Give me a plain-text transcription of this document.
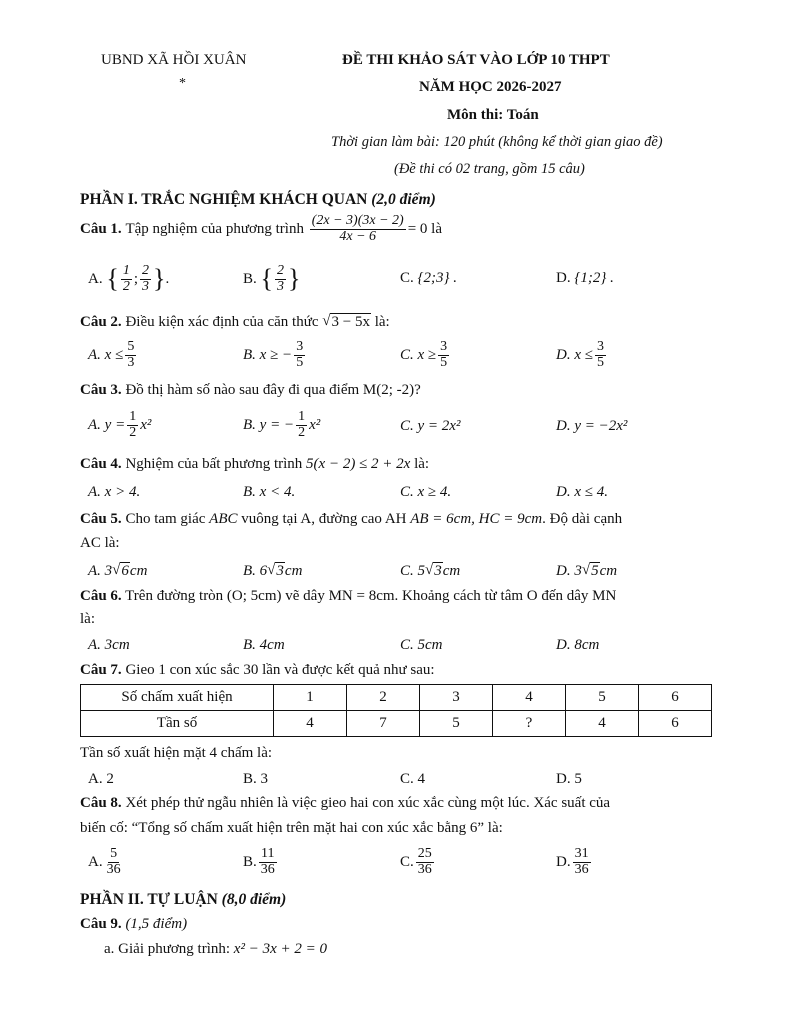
UBND XÃ HỒI XUÂN
*
ĐỀ THI KHẢO SÁT VÀO LỚP 10 THPT
NĂM HỌC 2026-2027
Môn thi: Toán
Thời gian làm bài: 120 phút (không kể thời gian giao đề)
(Đề thi có 02 trang, gồm 15 câu)
PHẦN I. TRẮC NGHIỆM KHÁCH QUAN (2,0 điểm)
Câu 1.
Tập nghiệm của phương trình
$\frac{(2x - 3)(3x - 2)}{4x - 6} = 0$
là
A.
{ $\frac{1}{2}$ ; $\frac{2}{3}$ } .	B.
{ $\frac{2}{3}$ }	C.
{2;3} .	D.
{1;2} .
Câu 2.
Điều kiện xác định của căn thức
√ 3 − 5x
là:
A. $x \le \frac{5}{3}$	B. x ≥ − $\frac{3}{5}$	C. $x \ge \frac{3}{5}$	D. $x \le \frac{3}{5}$
Câu 3. Đồ thị hàm số nào sau đây đi qua điểm M(2; -2)?
A. $y = \frac{1}{2} x^2$	B. y = − $\frac{1}{2} x^2$	C. y = 2x²	D. y = −2x²
Câu 4. Nghiệm của bất phương trình 5(x − 2) ≤ 2 + 2x là:
A. x > 4.	B. x < 4.	C. x ≥ 4.	D. x ≤ 4.
Câu 5. Cho tam giác ABC vuông tại A, đường cao AH AB = 6cm, HC = 9cm. Độ dài cạnh
AC là:
A. 3 √ 6 cm	B. 6 √ 3 cm	C. 5 √ 3 cm	D. 3 √ 5 cm
Câu 6. Trên đường tròn (O; 5cm) vẽ dây MN = 8cm. Khoảng cách từ tâm O đến dây MN
là:
A. 3cm	B. 4cm	C. 5cm	D. 8cm
Câu 7. Gieo 1 con xúc sắc 30 lần và được kết quả như sau:
Số chấm xuất hiện	1	2	3	4	5	6
Tần số	4	7	5	?	4	6
Tần số xuất hiện mặt 4 chấm là:
A. 2	B. 3	C. 4	D. 5
Câu 8. Xét phép thử ngẫu nhiên là việc gieo hai con xúc xắc cùng một lúc. Xác suất của
biến cố: “Tổng số chấm xuất hiện trên mặt hai con xúc xắc bằng 6” là:
A. $\frac{5}{36}$	B. $\frac{11}{36}$	C. $\frac{25}{36}$	D. $\frac{31}{36}$
PHẦN II. TỰ LUẬN (8,0 điểm)
Câu 9. (1,5 điểm)
a. Giải phương trình: x² − 3x + 2 = 0
